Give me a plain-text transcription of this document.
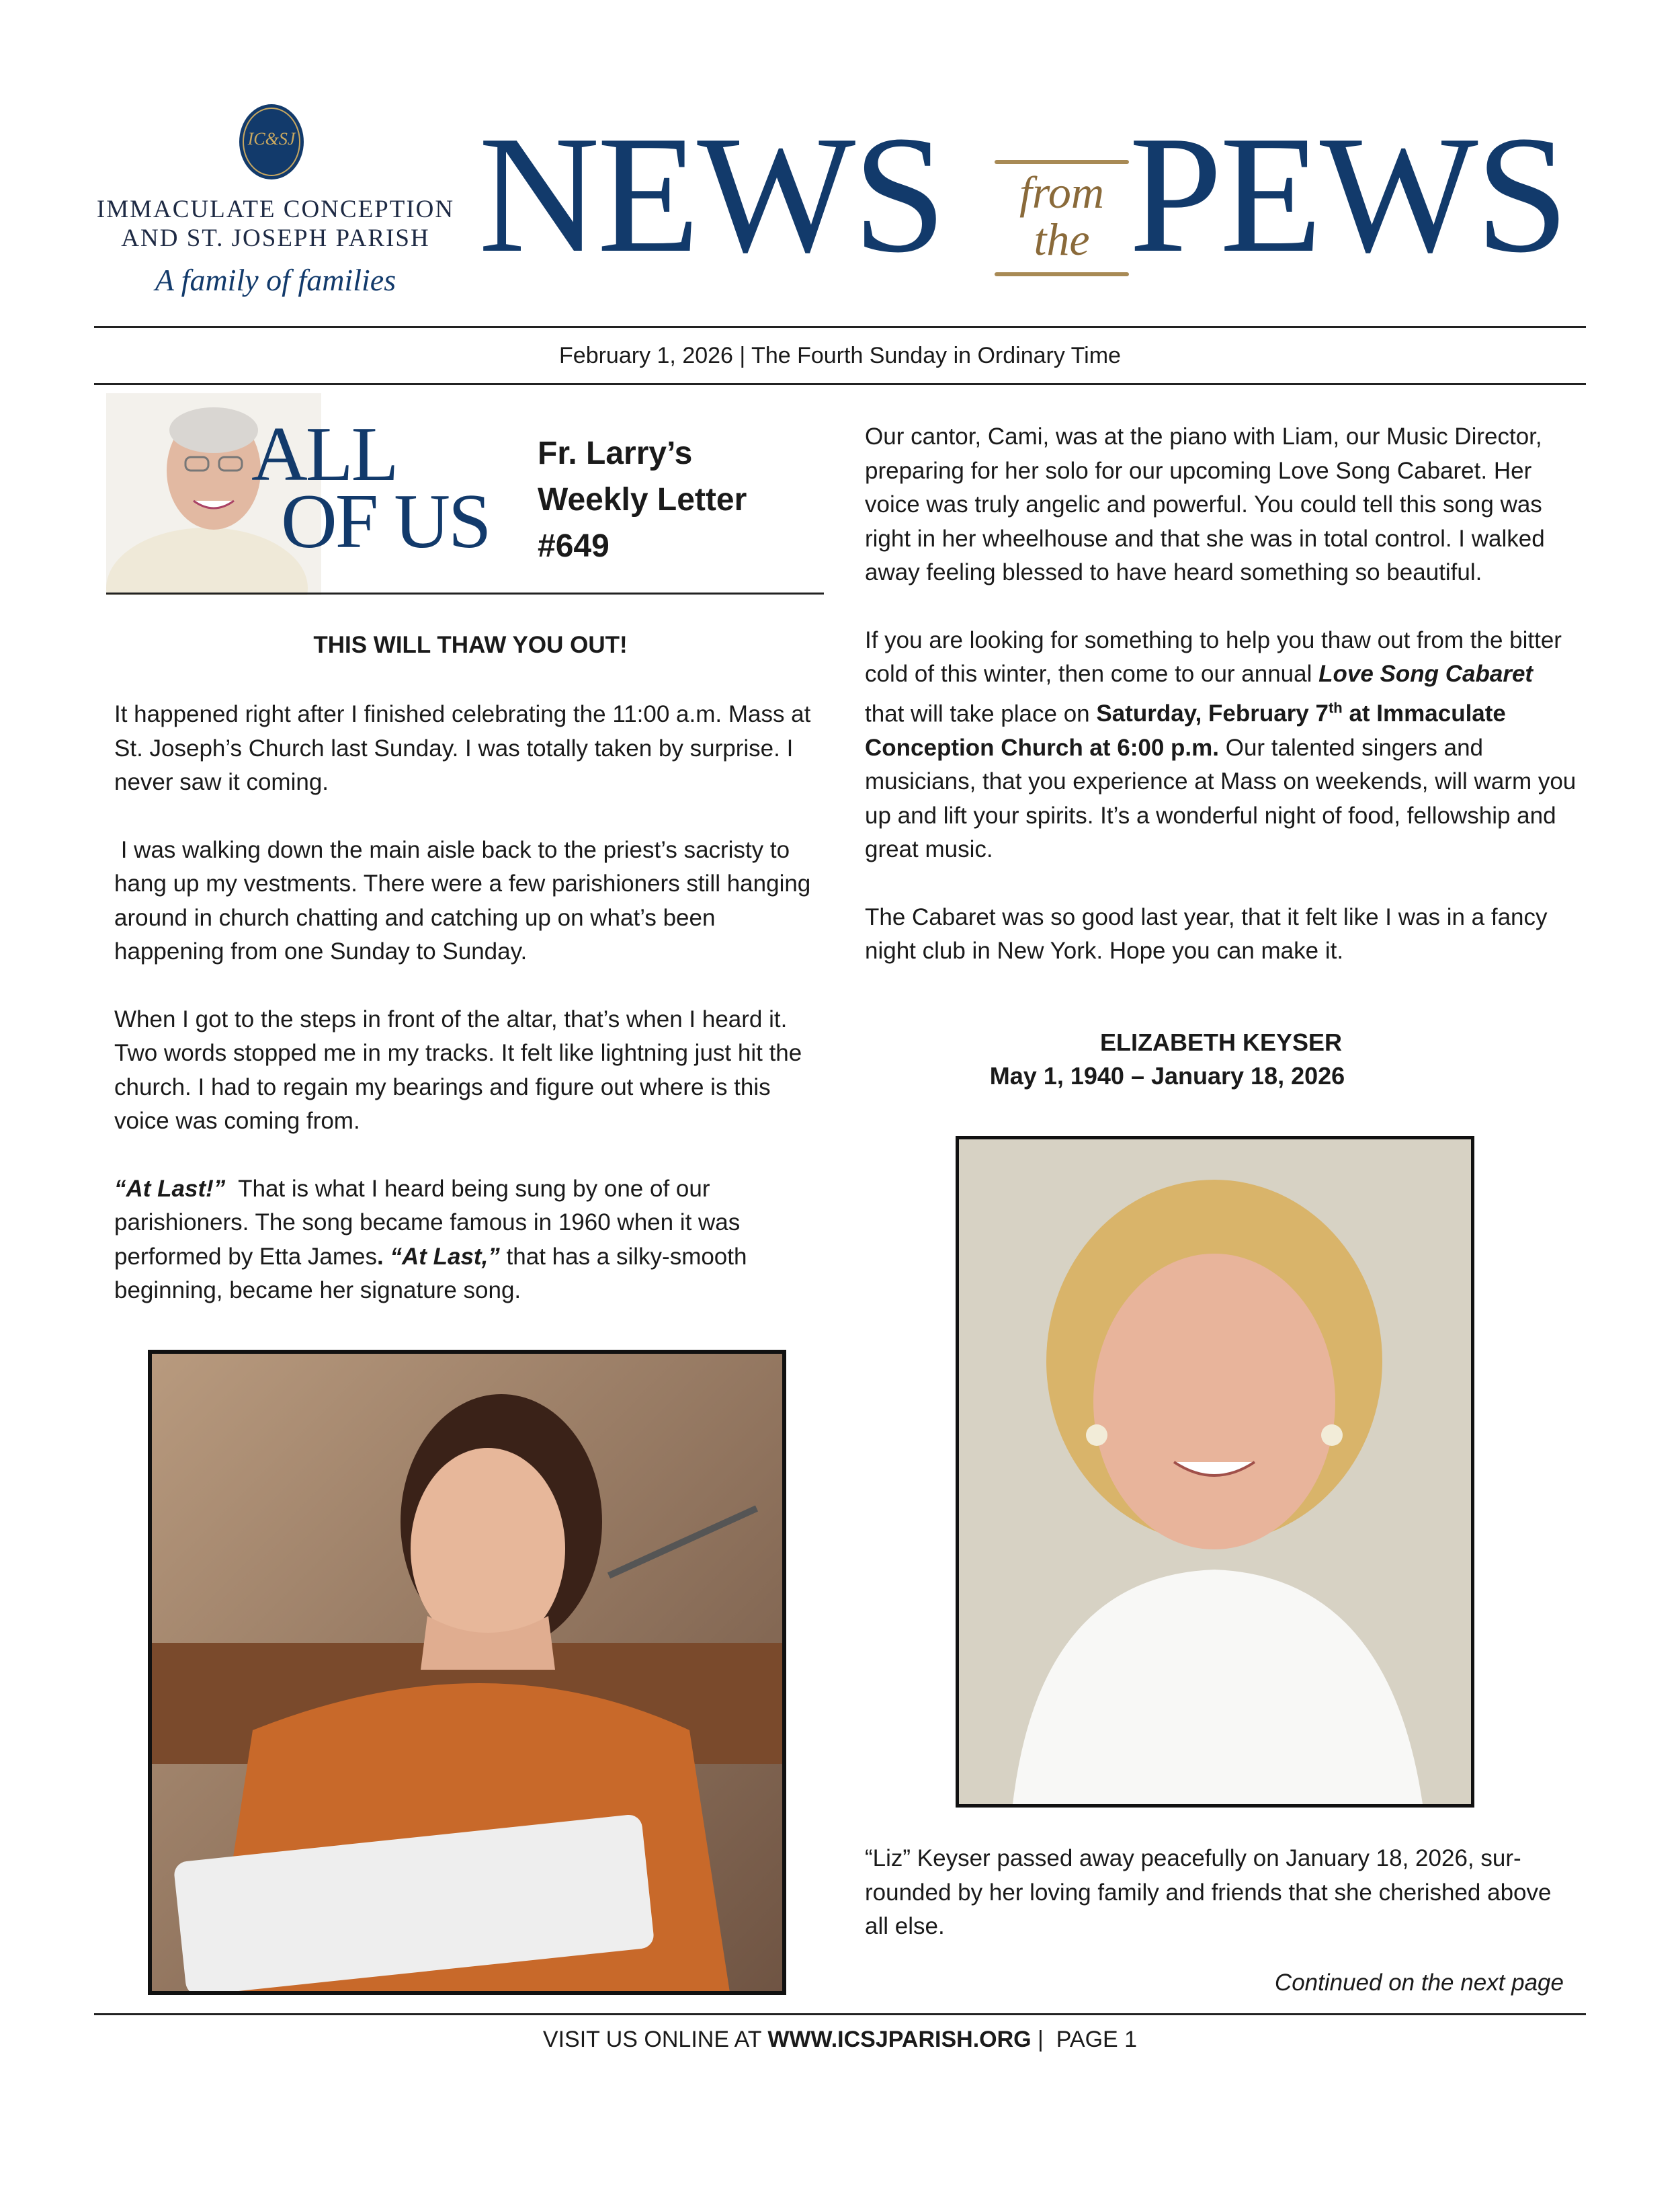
IC&SJ
IMMACULATE CONCEPTION
AND ST. JOSEPH PARISH
A family of families NEWS from
the PEWS
February 1, 2026 | The Fourth Sunday in Ordinary Time
ALL
OF US
Fr. Larry’s
Weekly Letter
#649
THIS WILL THAW YOU OUT!

It happened right after I finished celebrating the 11:00 a.m. Mass at St. Joseph’s Church last Sunday. I was totally taken by surprise. I never saw it coming.

I was walking down the main aisle back to the priest’s sacristy to hang up my vestments. There were a few parishioners still hanging around in church chatting and catching up on what’s been happening from one Sunday to Sunday.

When I got to the steps in front of the altar, that’s when I heard it. Two words stopped me in my tracks. It felt like lightning just hit the church. I had to regain my bearings and figure out where is this voice was coming from.

“At Last!”  That is what I heard being sung by one of our parishioners. The song became famous in 1960 when it was performed by Etta James. “At Last,” that has a silky-smooth beginning, became her signature song.

Our cantor, Cami, was at the piano with Liam, our Music Director, preparing for her solo for our upcoming Love Song Cabaret. Her voice was truly angelic and powerful. You could tell this song was right in her wheelhouse and that she was in total control. I walked away feeling blessed to have heard something so beautiful.

If you are looking for something to help you thaw out from the bitter cold of this winter, then come to our annual Love Song Cabaret that will take place on Saturday, February 7th at Immaculate Conception Church at 6:00 p.m. Our talented singers and musicians, that you experience at Mass on weekends, will warm you up and lift your spirits. It’s a wonderful night of food, fellowship and great music.

The Cabaret was so good last year, that it felt like I was in a fancy night club in New York. Hope you can make it.

ELIZABETH KEYSER
May 1, 1940 – January 18, 2026
“Liz” Keyser passed away peacefully on January 18, 2026, sur-rounded by her loving family and friends that she cherished above all else.
Continued on the next page
VISIT US ONLINE AT WWW.ICSJPARISH.ORG |  PAGE 1
